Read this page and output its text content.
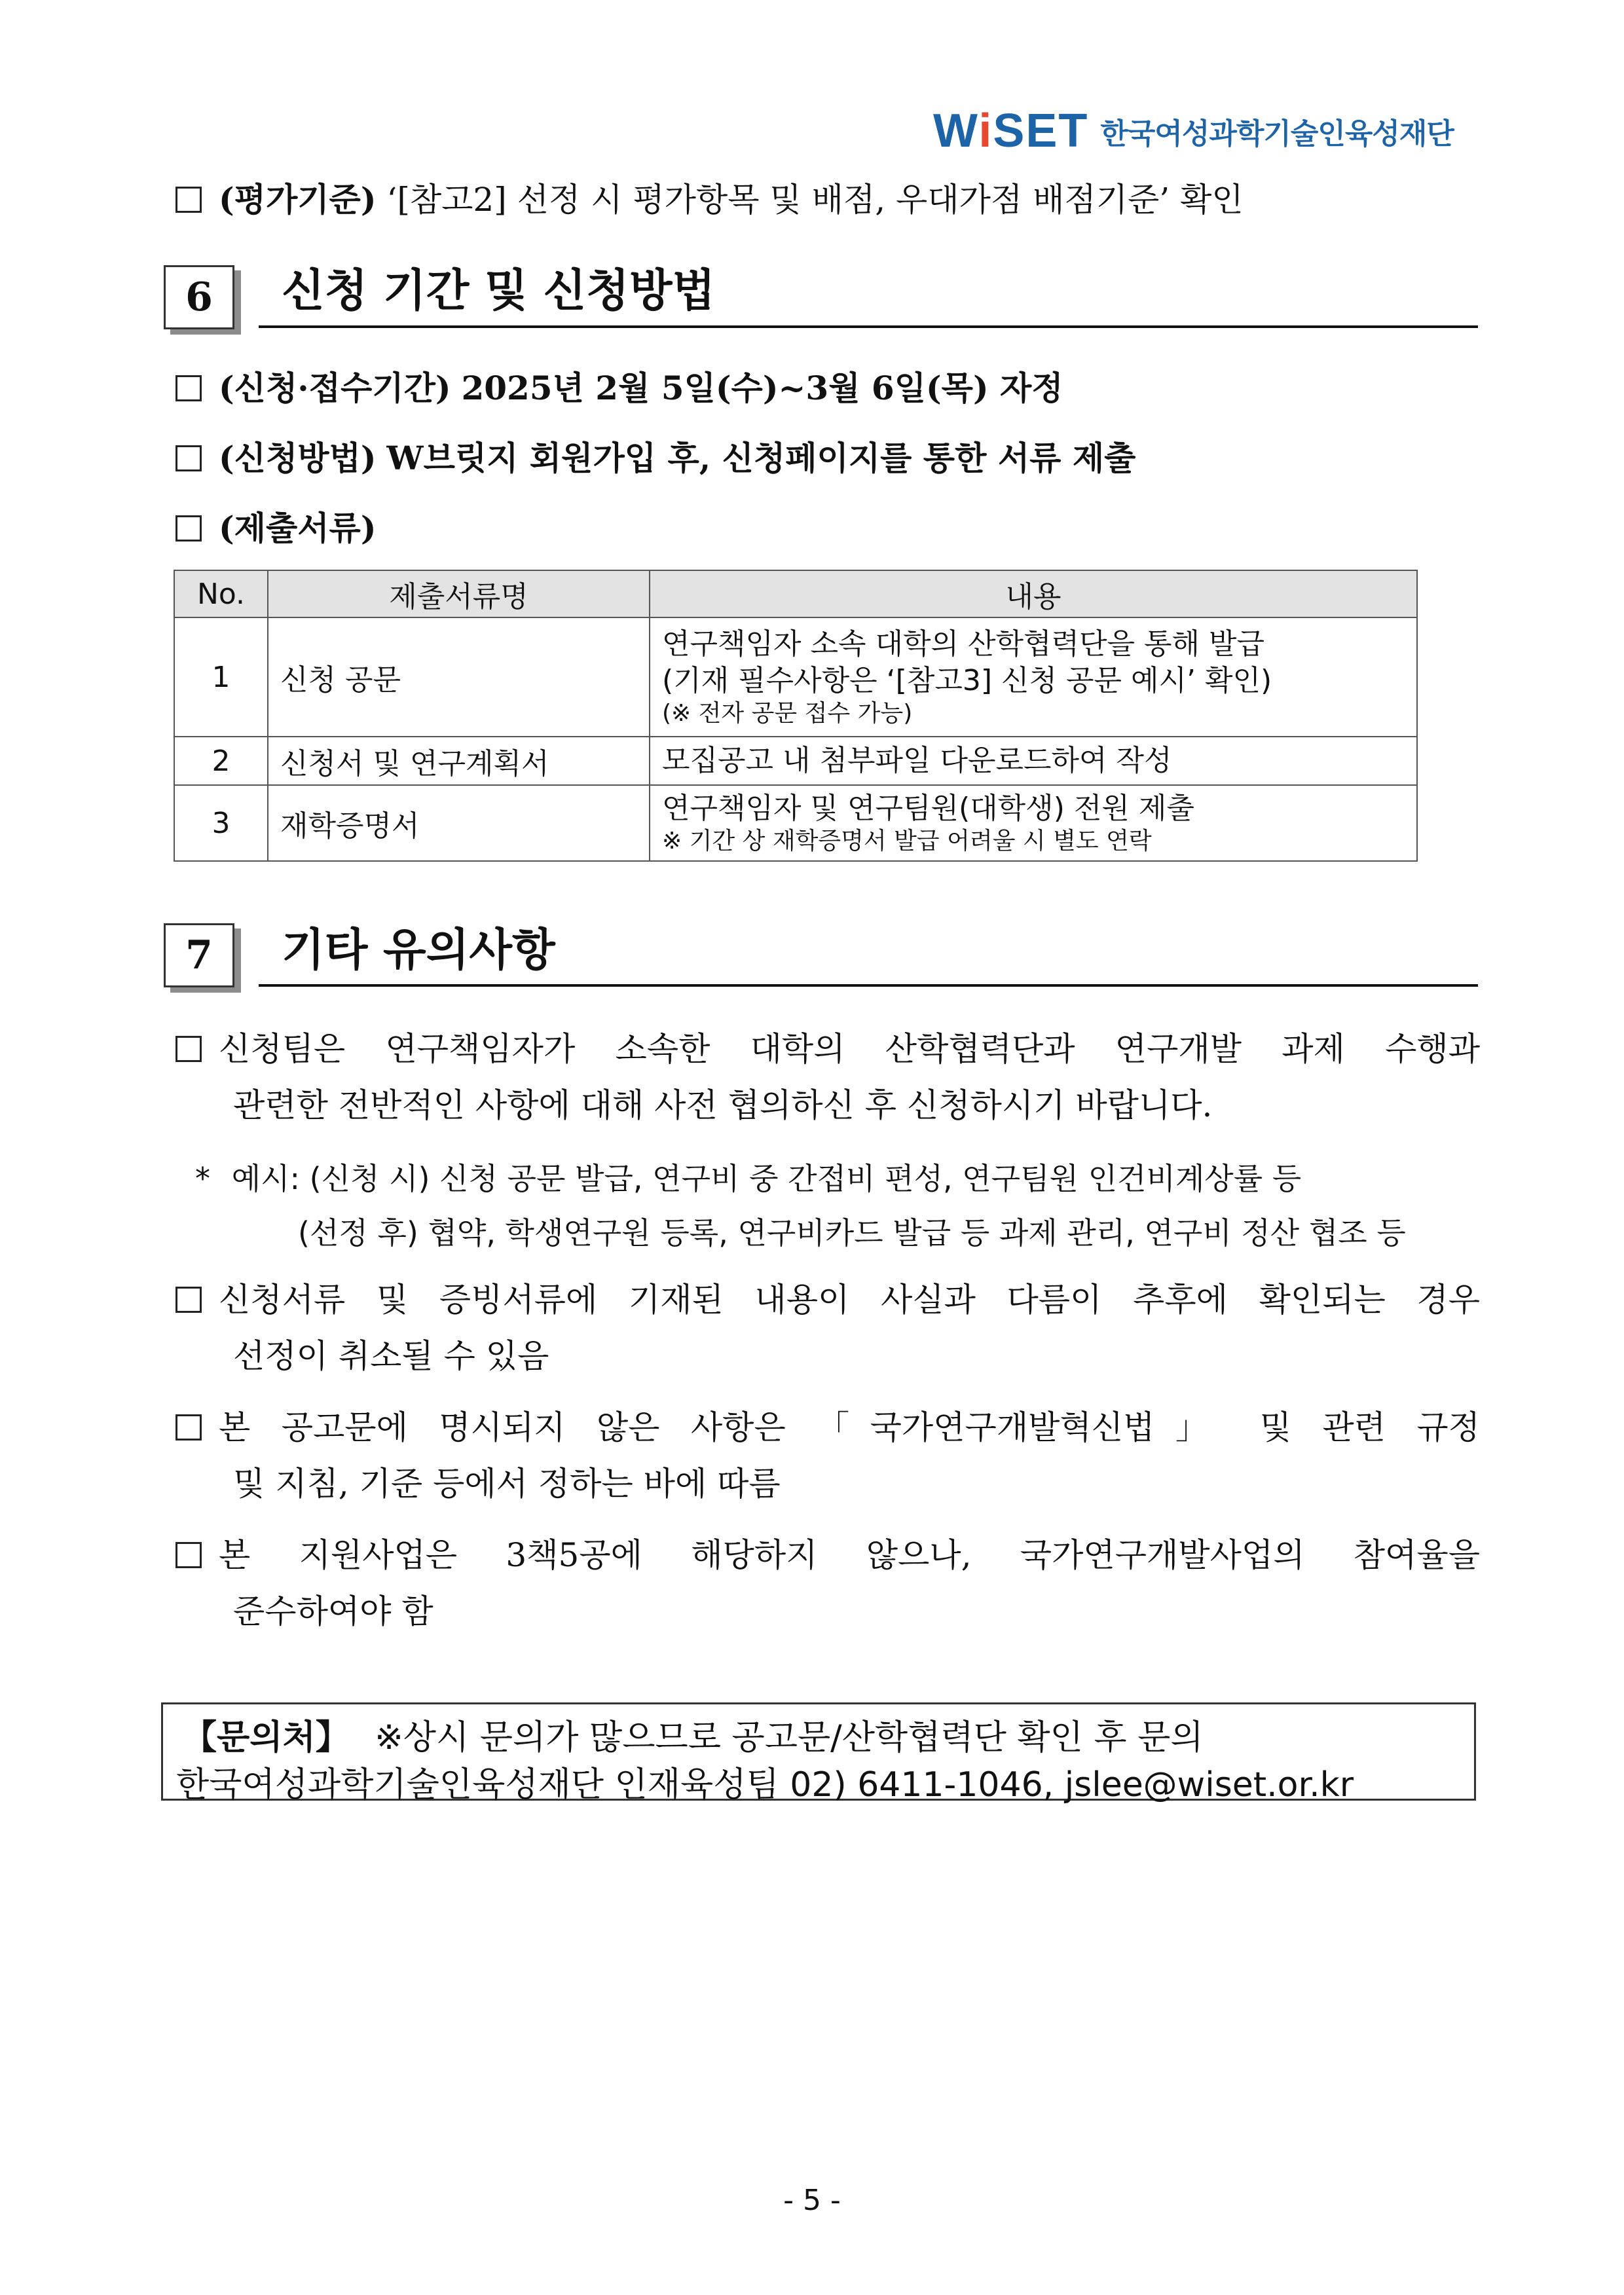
WiSET 한국여성과학기술인육성재단
(평가기준) ‘[참고2] 선정 시 평가항목 및 배점, 우대가점 배점기준’ 확인
6	신청 기간 및 신청방법
(신청·접수기간) 2025년 2월 5일(수)~3월 6일(목) 자정
(신청방법) W브릿지 회원가입 후, 신청페이지를 통한 서류 제출
(제출서류)
No.	제출서류명	내용
1	신청 공문	연구책임자 소속 대학의 산학협력단을 통해 발급
(기재 필수사항은 ‘[참고3] 신청 공문 예시’ 확인)
(※ 전자 공문 접수 가능)

2	신청서 및 연구계획서	모집공고 내 첨부파일 다운로드하여 작성

3	재학증명서	연구책임자 및 연구팀원(대학생) 전원 제출
※ 기간 상 재학증명서 발급 어려울 시 별도 연락
7	기타 유의사항
신청팀은 연구책임자가 소속한 대학의 산학협력단과 연구개발 과제 수행과
관련한 전반적인 사항에 대해 사전 협의하신 후 신청하시기 바랍니다.
* 예시: (신청 시) 신청 공문 발급, 연구비 중 간접비 편성, 연구팀원 인건비계상률 등
(선정 후) 협약, 학생연구원 등록, 연구비카드 발급 등 과제 관리, 연구비 정산 협조 등
신청서류 및 증빙서류에 기재된 내용이 사실과 다름이 추후에 확인되는 경우
선정이 취소될 수 있음
본 공고문에 명시되지 않은 사항은 「국가연구개발혁신법」 및 관련 규정
및 지침, 기준 등에서 정하는 바에 따름
본 지원사업은 3책5공에 해당하지 않으나, 국가연구개발사업의 참여율을
준수하여야 함
【문의처】 ※상시 문의가 많으므로 공고문/산학협력단 확인 후 문의
한국여성과학기술인육성재단 인재육성팀 02) 6411-1046, jslee@wiset.or.kr
- 5 -
